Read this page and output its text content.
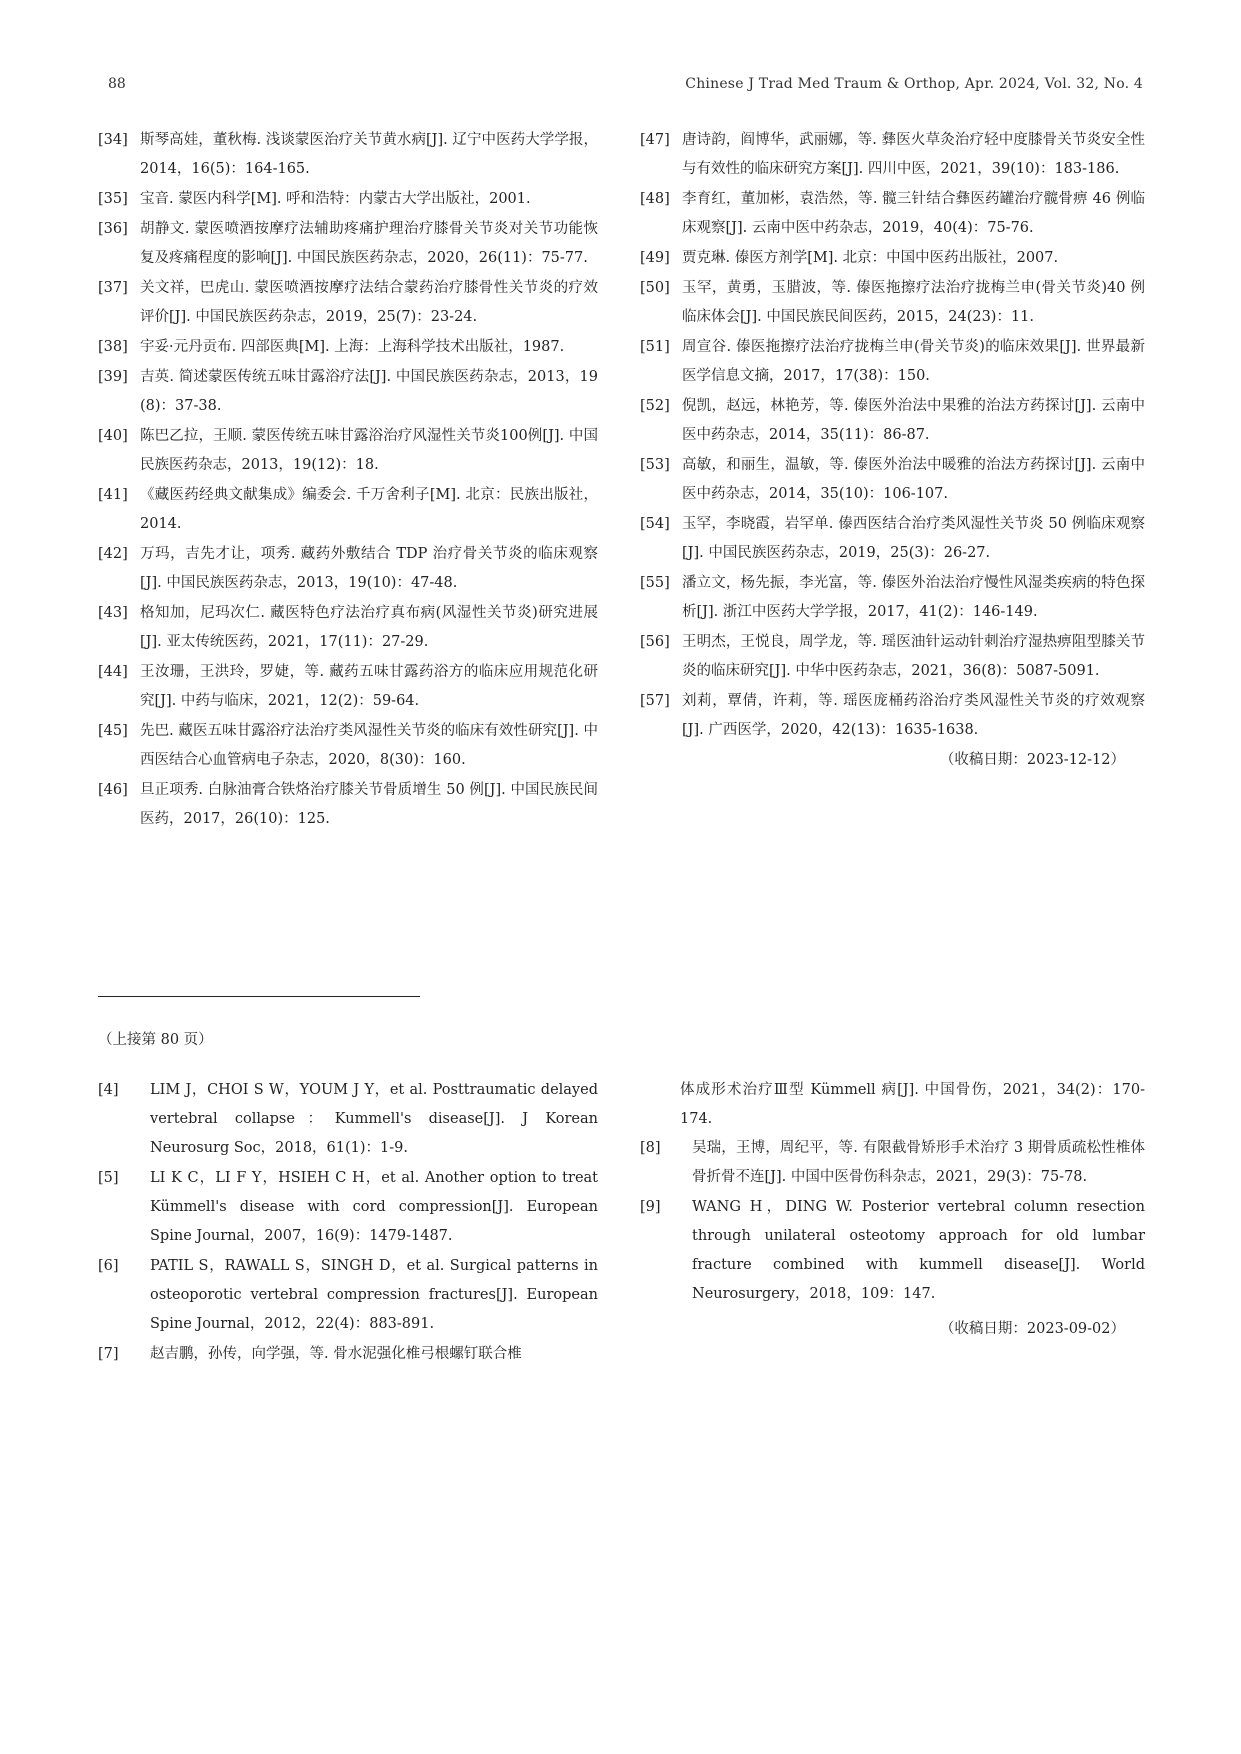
88	Chinese J Trad Med Traum & Orthop, Apr. 2024, Vol. 32, No. 4
[34] 斯琴高娃，董秋梅. 浅谈蒙医治疗关节黄水病[J]. 辽宁中医药大学学报，2014，16(5)：164-165.
[35] 宝音. 蒙医内科学[M]. 呼和浩特：内蒙古大学出版社，2001.
[36] 胡静文. 蒙医喷酒按摩疗法辅助疼痛护理治疗膝骨关节炎对关节功能恢复及疼痛程度的影响[J]. 中国民族医药杂志，2020，26(11)：75-77.
[37] 关文祥，巴虎山. 蒙医喷酒按摩疗法结合蒙药治疗膝骨性关节炎的疗效评价[J]. 中国民族医药杂志，2019，25(7)：23-24.
[38] 宇妥·元丹贡布. 四部医典[M]. 上海：上海科学技术出版社，1987.
[39] 吉英. 简述蒙医传统五味甘露浴疗法[J]. 中国民族医药杂志，2013，19(8)：37-38.
[40] 陈巴乙拉，王顺. 蒙医传统五味甘露浴治疗风湿性关节炎100例[J]. 中国民族医药杂志，2013，19(12)：18.
[41] 《藏医药经典文献集成》编委会. 千万舍利子[M]. 北京：民族出版社，2014.
[42] 万玛，吉先才让，项秀. 藏药外敷结合 TDP 治疗骨关节炎的临床观察[J]. 中国民族医药杂志，2013，19(10)：47-48.
[43] 格知加，尼玛次仁. 藏医特色疗法治疗真布病(风湿性关节炎)研究进展[J]. 亚太传统医药，2021，17(11)：27-29.
[44] 王汝珊，王洪玲，罗婕，等. 藏药五味甘露药浴方的临床应用规范化研究[J]. 中药与临床，2021，12(2)：59-64.
[45] 先巴. 藏医五味甘露浴疗法治疗类风湿性关节炎的临床有效性研究[J]. 中西医结合心血管病电子杂志，2020，8(30)：160.
[46] 旦正项秀. 白脉油膏合铁烙治疗膝关节骨质增生 50 例[J]. 中国民族民间医药，2017，26(10)：125.
[47] 唐诗韵，阎博华，武丽娜，等. 彝医火草灸治疗轻中度膝骨关节炎安全性与有效性的临床研究方案[J]. 四川中医，2021，39(10)：183-186.
[48] 李育红，董加彬，袁浩然，等. 髋三针结合彝医药罐治疗髋骨痹 46 例临床观察[J]. 云南中医中药杂志，2019，40(4)：75-76.
[49] 贾克琳. 傣医方剂学[M]. 北京：中国中医药出版社，2007.
[50] 玉罕，黄勇，玉腊波，等. 傣医拖擦疗法治疗拢梅兰申(骨关节炎)40 例临床体会[J]. 中国民族民间医药，2015，24(23)：11.
[51] 周宣谷. 傣医拖擦疗法治疗拢梅兰申(骨关节炎)的临床效果[J]. 世界最新医学信息文摘，2017，17(38)：150.
[52] 倪凯，赵远，林艳芳，等. 傣医外治法中果雅的治法方药探讨[J]. 云南中医中药杂志，2014，35(11)：86-87.
[53] 高敏，和丽生，温敏，等. 傣医外治法中暖雅的治法方药探讨[J]. 云南中医中药杂志，2014，35(10)：106-107.
[54] 玉罕，李晓霞，岩罕单. 傣西医结合治疗类风湿性关节炎 50 例临床观察[J]. 中国民族医药杂志，2019，25(3)：26-27.
[55] 潘立文，杨先振，李光富，等. 傣医外治法治疗慢性风湿类疾病的特色探析[J]. 浙江中医药大学学报，2017，41(2)：146-149.
[56] 王明杰，王悦良，周学龙，等. 瑶医油针运动针刺治疗湿热痹阻型膝关节炎的临床研究[J]. 中华中医药杂志，2021，36(8)：5087-5091.
[57] 刘莉，覃倩，许莉，等. 瑶医庞桶药浴治疗类风湿性关节炎的疗效观察[J]. 广西医学，2020，42(13)：1635-1638.
（收稿日期：2023-12-12）
（上接第 80 页）
[4]	LIM J，CHOI S W，YOUM J Y，et al. Posttraumatic delayed vertebral collapse：Kummell's disease[J]. J Korean Neurosurg Soc，2018，61(1)：1-9.
[5]	LI K C，LI F Y，HSIEH C H，et al. Another option to treat Kümmell's disease with cord compression[J]. European Spine Journal，2007，16(9)：1479-1487.
[6]	PATIL S，RAWALL S，SINGH D，et al. Surgical patterns in osteoporotic vertebral compression fractures[J]. European Spine Journal，2012，22(4)：883-891.
[7]	赵吉鹏，孙传，向学强，等. 骨水泥强化椎弓根螺钉联合椎
体成形术治疗Ⅲ型 Kümmell 病[J]. 中国骨伤，2021，34(2)：170-174.
[8]	吴瑞，王博，周纪平，等. 有限截骨矫形手术治疗 3 期骨质疏松性椎体骨折骨不连[J]. 中国中医骨伤科杂志，2021，29(3)：75-78.
[9]	WANG H，DING W. Posterior vertebral column resection through unilateral osteotomy approach for old lumbar fracture combined with kummell disease[J]. World Neurosurgery，2018，109：147.
（收稿日期：2023-09-02）
